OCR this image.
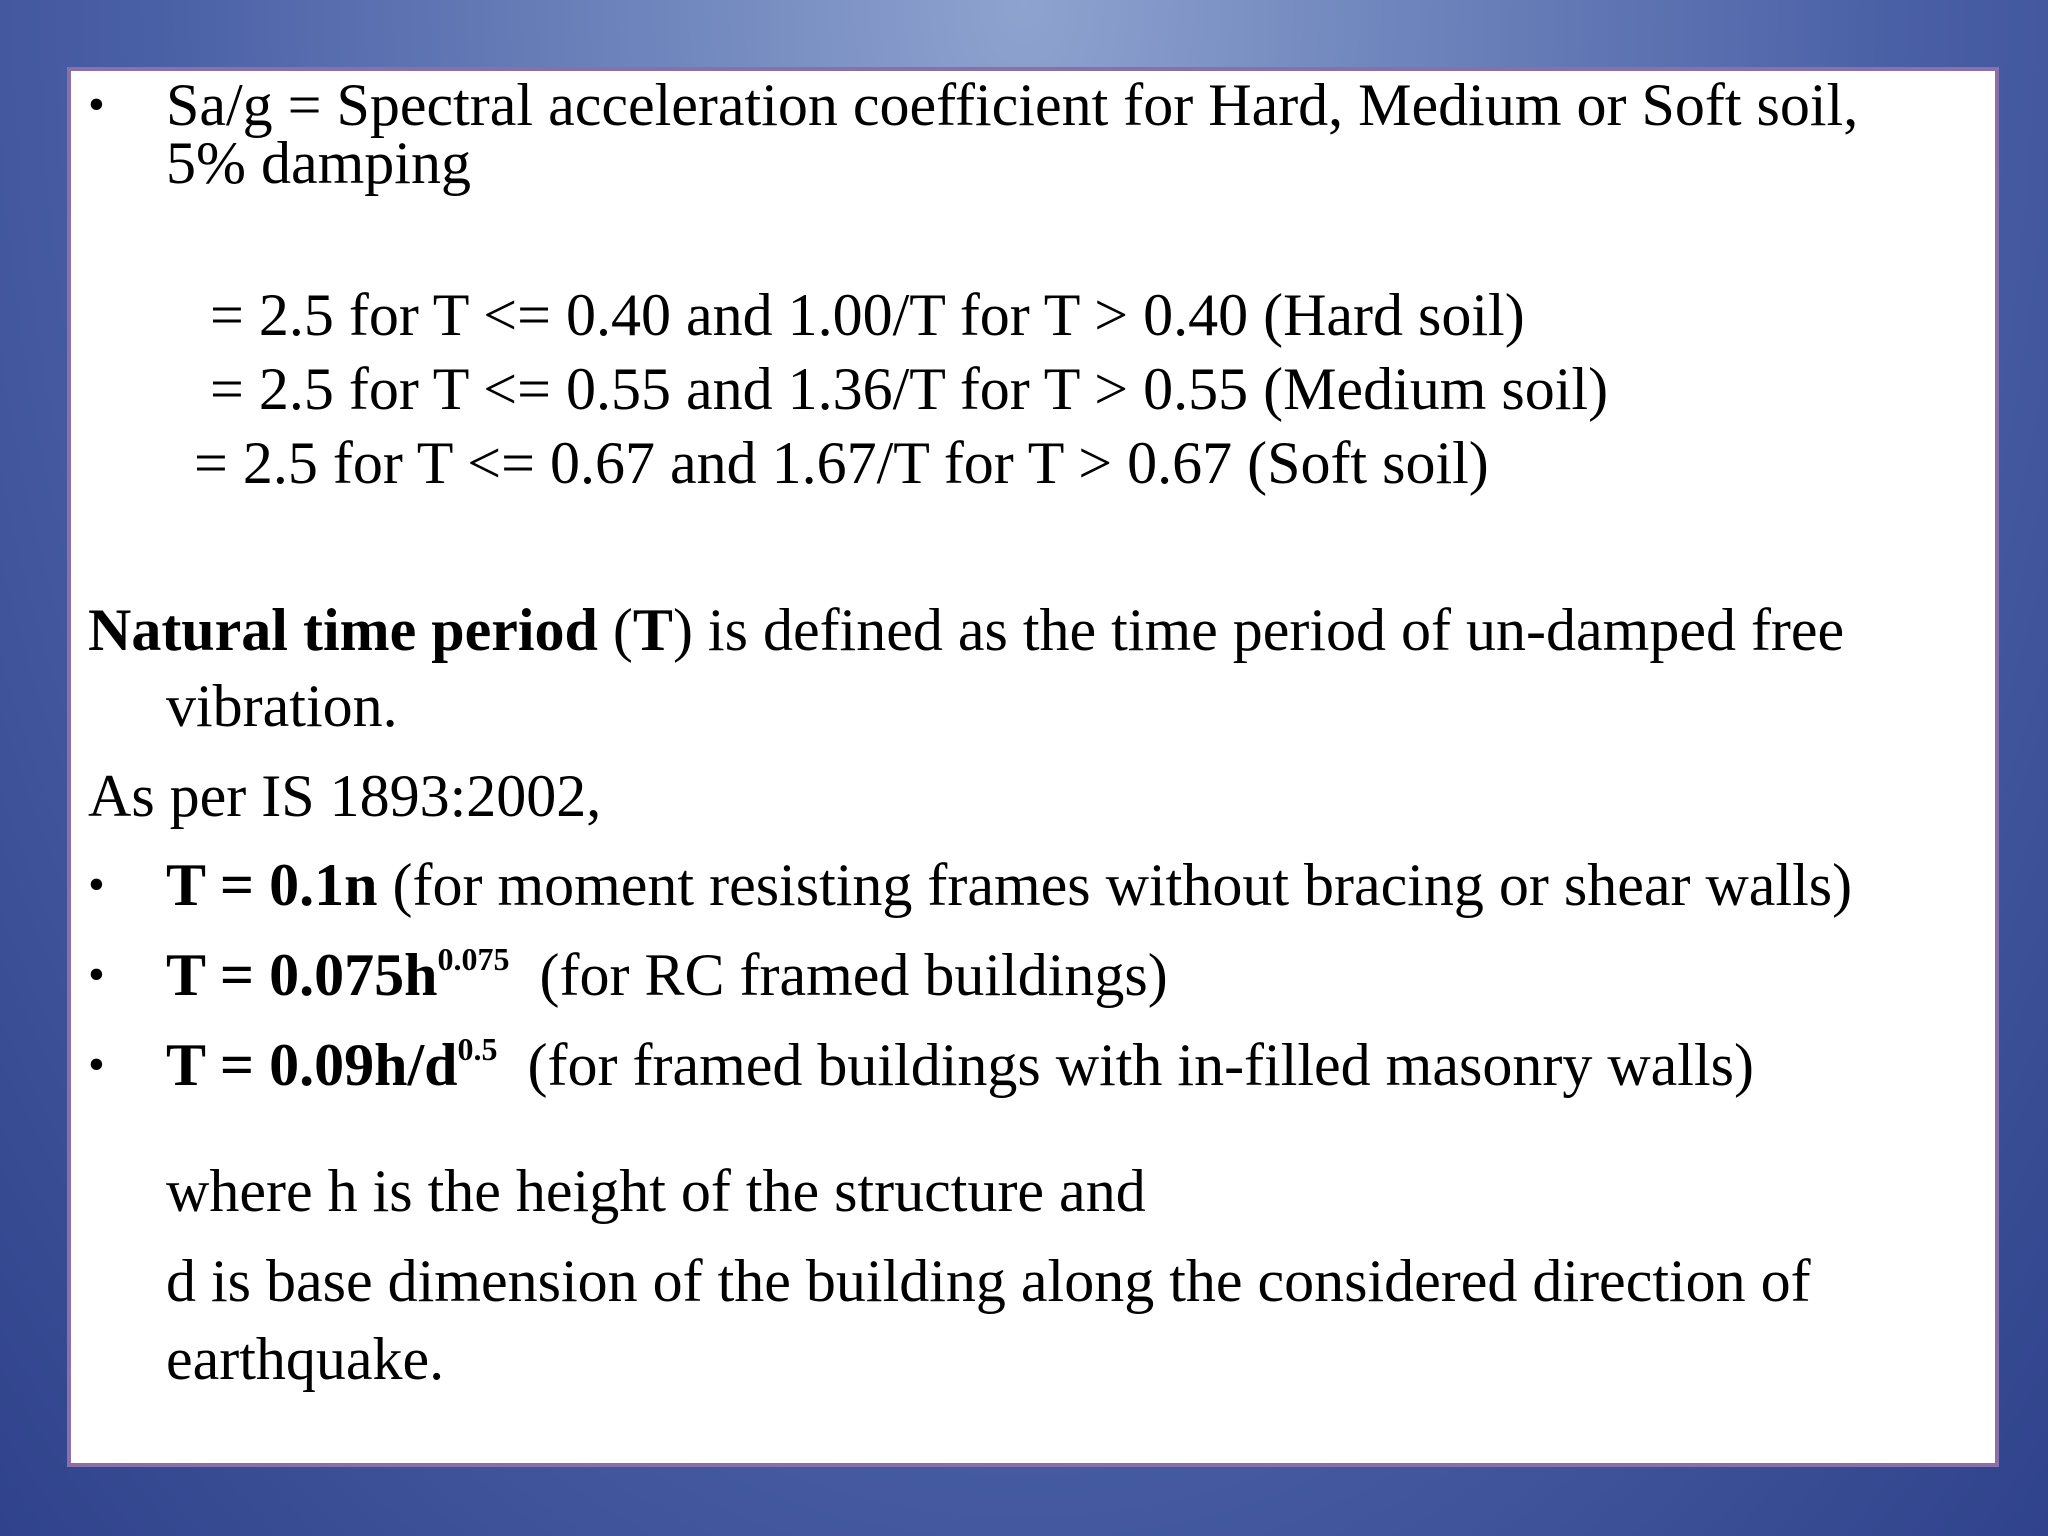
• Sa/g = Spectral acceleration coefficient for Hard, Medium or Soft soil,
5% damping
= 2.5 for T <= 0.40 and 1.00/T for T > 0.40 (Hard soil)
= 2.5 for T <= 0.55 and 1.36/T for T > 0.55 (Medium soil)
= 2.5 for T <= 0.67 and 1.67/T for T > 0.67 (Soft soil)
Natural time period (T) is defined as the time period of un-damped free
vibration.
As per IS 1893:2002,
• T = 0.1n (for moment resisting frames without bracing or shear walls)
• $T = 0.075h^{0.075}$ (for RC framed buildings)
• $T = 0.09h/d^{0.5}$ (for framed buildings with in-filled masonry walls)
where h is the height of the structure and
d is base dimension of the building along the considered direction of
earthquake.
